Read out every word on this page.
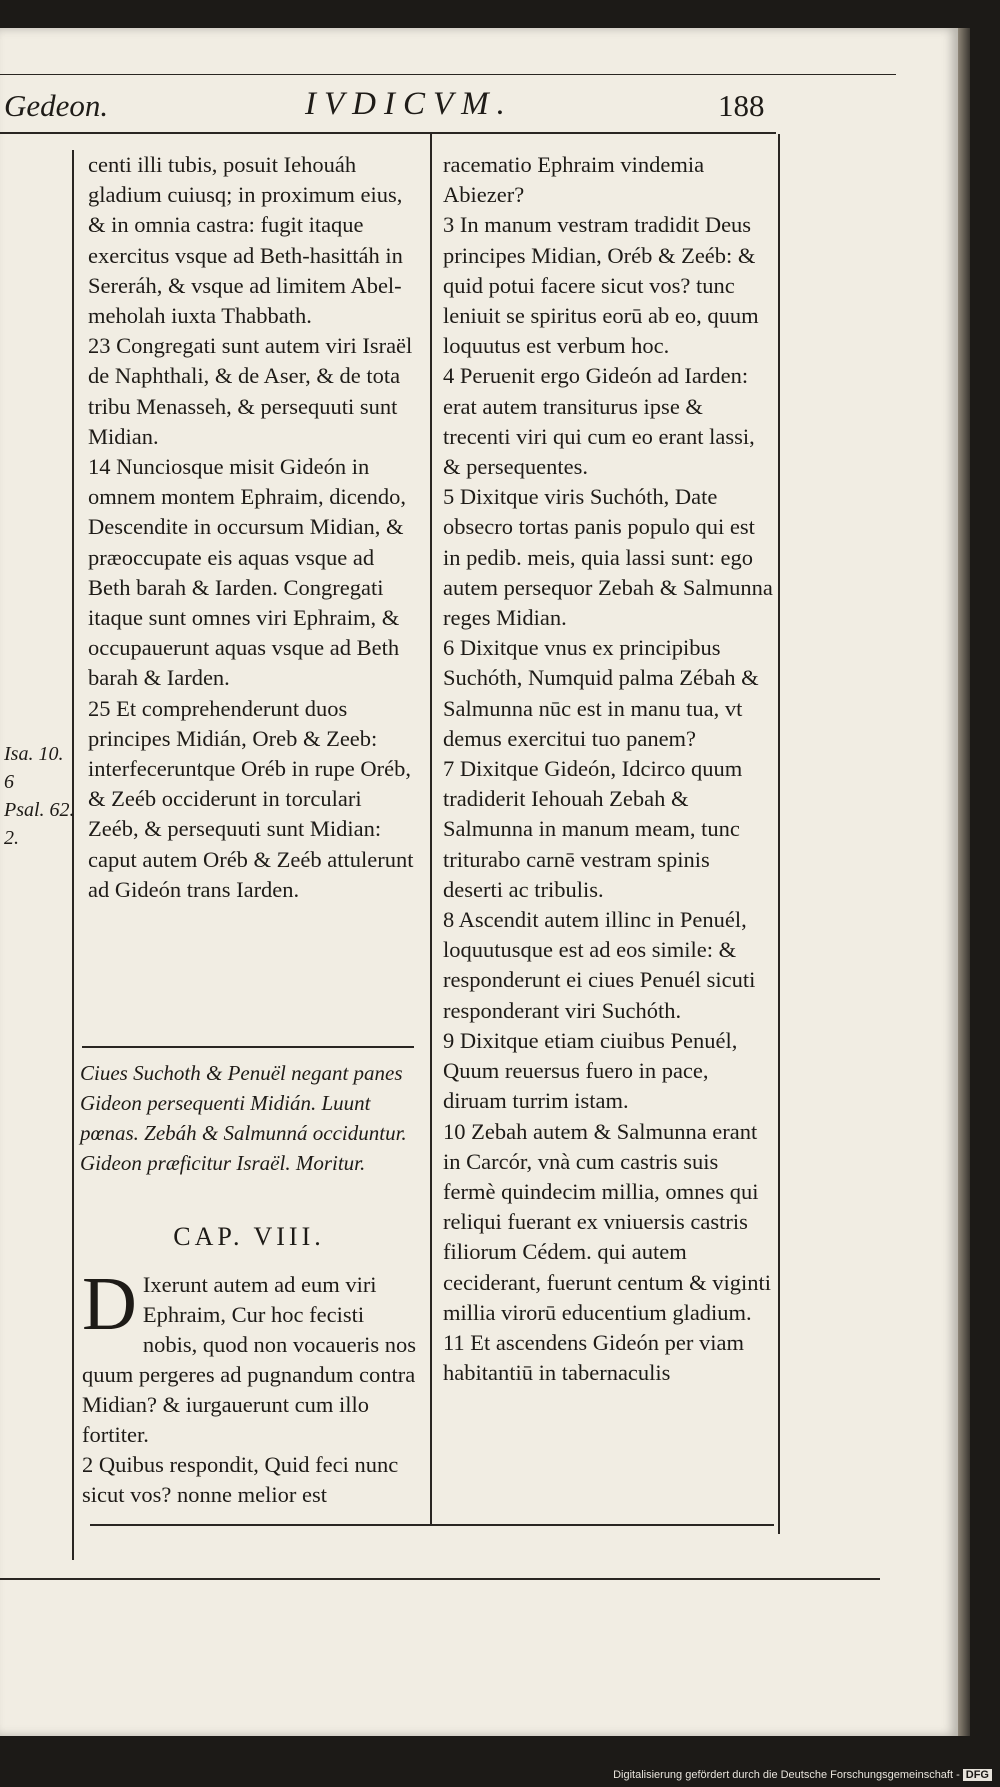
Gedeon.	IVDICVM.	188

centi illi tubis, posuit Iehouáh gladium cuiusq; in proximum eius, & in omnia castra: fugit itaque exercitus vsque ad Beth-hasittáh in Sereráh, & vsque ad limitem Abel-meholah iuxta Thabbath.

23 Congregati sunt autem viri Israël de Naphthali, & de Aser, & de tota tribu Menasseh, & persequuti sunt Midian.

14 Nunciosque misit Gideón in omnem montem Ephraim, dicendo, Descendite in occursum Midian, & præoccupate eis aquas vsque ad Beth barah & Iarden. Congregati itaque sunt omnes viri Ephraim, & occupauerunt aquas vsque ad Beth barah & Iarden.

25 Et comprehenderunt duos principes Midián, Oreb & Zeeb: interfeceruntque Oréb in rupe Oréb, & Zeéb occiderunt in torculari Zeéb, & persequuti sunt Midian: caput autem Oréb & Zeéb attulerunt ad Gideón trans Iarden.

Isa. 10.
6
Psal. 62.
2.
Ciues Suchoth & Penuël negant panes Gideon persequenti Midián. Luunt pœnas. Zebáh & Salmunná occiduntur. Gideon præficitur Israël. Moritur.
CAP. VIII.
D Ixerunt autem ad eum viri Ephraim, Cur hoc fecisti nobis, quod non vocaueris nos quum pergeres ad pugnandum contra Midian? & iurgauerunt cum illo fortiter.
2 Quibus respondit, Quid feci nunc sicut vos? nonne melior est

racematio Ephraim vindemia Abiezer?

3 In manum vestram tradidit Deus principes Midian, Oréb & Zeéb: & quid potui facere sicut vos? tunc leniuit se spiritus eorū ab eo, quum loquutus est verbum hoc.

4 Peruenit ergo Gideón ad Iarden: erat autem transiturus ipse & trecenti viri qui cum eo erant lassi, & persequentes.

5 Dixitque viris Suchóth, Date obsecro tortas panis populo qui est in pedib. meis, quia lassi sunt: ego autem persequor Zebah & Salmunna reges Midian.

6 Dixitque vnus ex principibus Suchóth, Numquid palma Zébah & Salmunna nūc est in manu tua, vt demus exercitui tuo panem?

7 Dixitque Gideón, Idcirco quum tradiderit Iehouah Zebah & Salmunna in manum meam, tunc triturabo carnē vestram spinis deserti ac tribulis.

8 Ascendit autem illinc in Penuél, loquutusque est ad eos simile: & responderunt ei ciues Penuél sicuti responderant viri Suchóth.

9 Dixitque etiam ciuibus Penuél, Quum reuersus fuero in pace, diruam turrim istam.

10 Zebah autem & Salmunna erant in Carcór, vnà cum castris suis fermè quindecim millia, omnes qui reliqui fuerant ex vniuersis castris filiorum Cédem. qui autem ceciderant, fuerunt centum & viginti millia virorū educentium gladium.

11 Et ascendens Gideón per viam habitantiū in tabernaculis

Digitalisierung gefördert durch die Deutsche Forschungsgemeinschaft - DFG
